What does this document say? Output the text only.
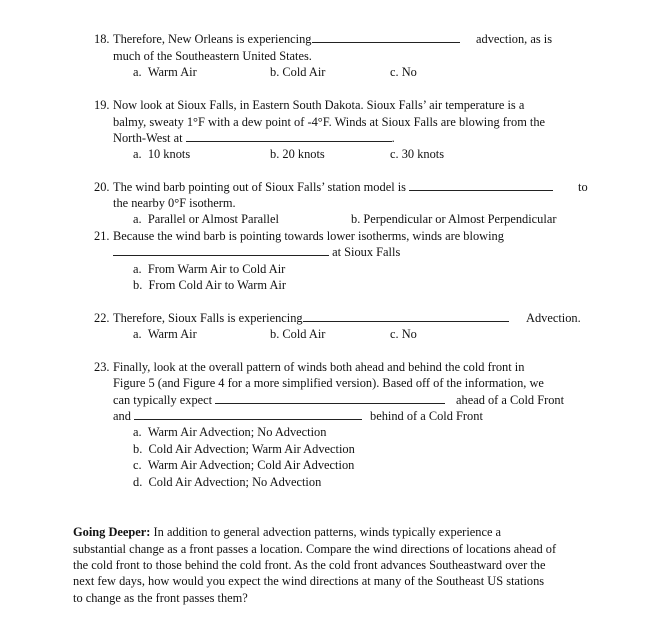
18. Therefore, New Orleans is experiencing	advection, as is
much of the Southeastern United States.
a. Warm Air	b. Cold Air	c. No
19. Now look at Sioux Falls, in Eastern South Dakota. Sioux Falls’ air temperature is a
balmy, sweaty 1°F with a dew point of -4°F. Winds at Sioux Falls are blowing from the
North-West at	.
a. 10 knots	b. 20 knots	c. 30 knots
20. The wind barb pointing out of Sioux Falls’ station model is	to
the nearby 0°F isotherm.
a. Parallel or Almost Parallel	b. Perpendicular or Almost Perpendicular
21. Because the wind barb is pointing towards lower isotherms, winds are blowing
at Sioux Falls
a. From Warm Air to Cold Air
b. From Cold Air to Warm Air
22. Therefore, Sioux Falls is experiencing	Advection.
a. Warm Air	b. Cold Air	c. No
23. Finally, look at the overall pattern of winds both ahead and behind the cold front in
Figure 5 (and Figure 4 for a more simplified version). Based off of the information, we
can typically expect	ahead of a Cold Front
and	behind of a Cold Front
a. Warm Air Advection; No Advection
b. Cold Air Advection; Warm Air Advection
c. Warm Air Advection; Cold Air Advection
d. Cold Air Advection; No Advection
Going Deeper: In addition to general advection patterns, winds typically experience a
substantial change as a front passes a location. Compare the wind directions of locations ahead of
the cold front to those behind the cold front. As the cold front advances Southeastward over the
next few days, how would you expect the wind directions at many of the Southeast US stations
to change as the front passes them?
